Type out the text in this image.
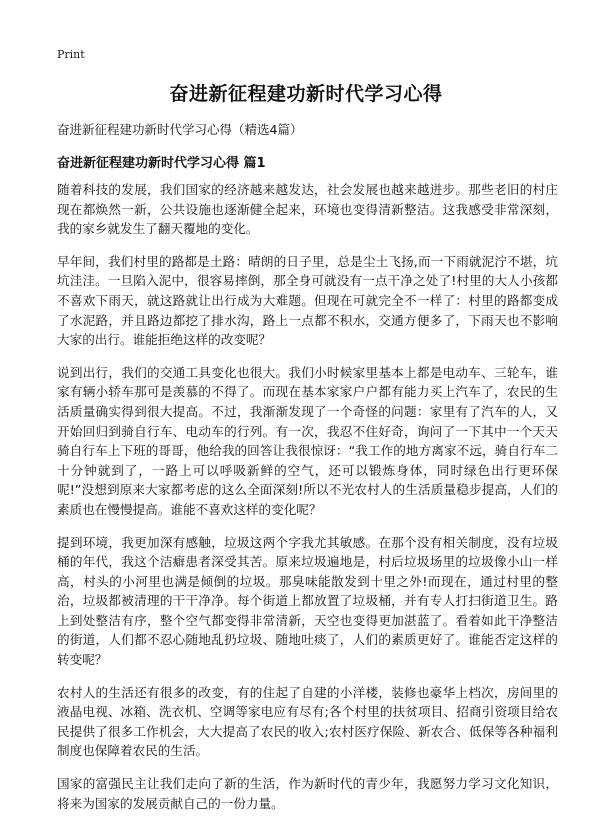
Print
奋进新征程建功新时代学习心得
奋进新征程建功新时代学习心得（精选4篇）
奋进新征程建功新时代学习心得 篇1

随着科技的发展，我们国家的经济越来越发达，社会发展也越来越进步。那些老旧的村庄现在都焕然一新，公共设施也逐渐健全起来，环境也变得清新整洁。这我感受非常深刻，我的家乡就发生了翻天覆地的变化。

早年间，我们村里的路都是土路：晴朗的日子里，总是尘土飞扬,而一下雨就泥泞不堪，坑坑洼洼。一旦陷入泥中，很容易摔倒，那全身可就没有一点干净之处了!村里的大人小孩都不喜欢下雨天，就这路就让出行成为大难题。但现在可就完全不一样了：村里的路都变成了水泥路，并且路边都挖了排水沟，路上一点都不积水，交通方便多了，下雨天也不影响大家的出行。谁能拒绝这样的改变呢？

说到出行，我们的交通工具变化也很大。我们小时候家里基本上都是电动车、三轮车，谁家有辆小轿车那可是羡慕的不得了。而现在基本家家户户都有能力买上汽车了，农民的生活质量确实得到很大提高。不过，我渐渐发现了一个奇怪的问题：家里有了汽车的人，又开始回归到骑自行车、电动车的行列。有一次，我忍不住好奇，询问了一下其中一个天天骑自行车上下班的哥哥，他给我的回答让我很惊讶：“我工作的地方离家不远，骑自行车二十分钟就到了，一路上可以呼吸新鲜的空气，还可以锻炼身体，同时绿色出行更环保呢!”没想到原来大家都考虑的这么全面深刻!所以不光农村人的生活质量稳步提高，人们的素质也在慢慢提高。谁能不喜欢这样的变化呢？

提到环境，我更加深有感触，垃圾这两个字我尤其敏感。在那个没有相关制度，没有垃圾桶的年代，我这个洁癖患者深受其苦。原来垃圾遍地是，村后垃圾场里的垃圾像小山一样高，村头的小河里也满是倾倒的垃圾。那臭味能散发到十里之外!而现在，通过村里的整治，垃圾都被清理的干干净净。每个街道上都放置了垃圾桶，并有专人打扫街道卫生。路上到处整洁有序，整个空气都变得非常清新，天空也变得更加湛蓝了。看着如此干净整洁的街道，人们都不忍心随地乱扔垃圾、随地吐痰了，人们的素质更好了。谁能否定这样的转变呢？

农村人的生活还有很多的改变，有的住起了自建的小洋楼，装修也豪华上档次，房间里的液晶电视、冰箱、洗衣机、空调等家电应有尽有;各个村里的扶贫项目、招商引资项目给农民提供了很多工作机会，大大提高了农民的收入;农村医疗保险、新农合、低保等各种福利制度也保障着农民的生活。

国家的富强民主让我们走向了新的生活，作为新时代的青少年，我愿努力学习文化知识，将来为国家的发展贡献自己的一份力量。
